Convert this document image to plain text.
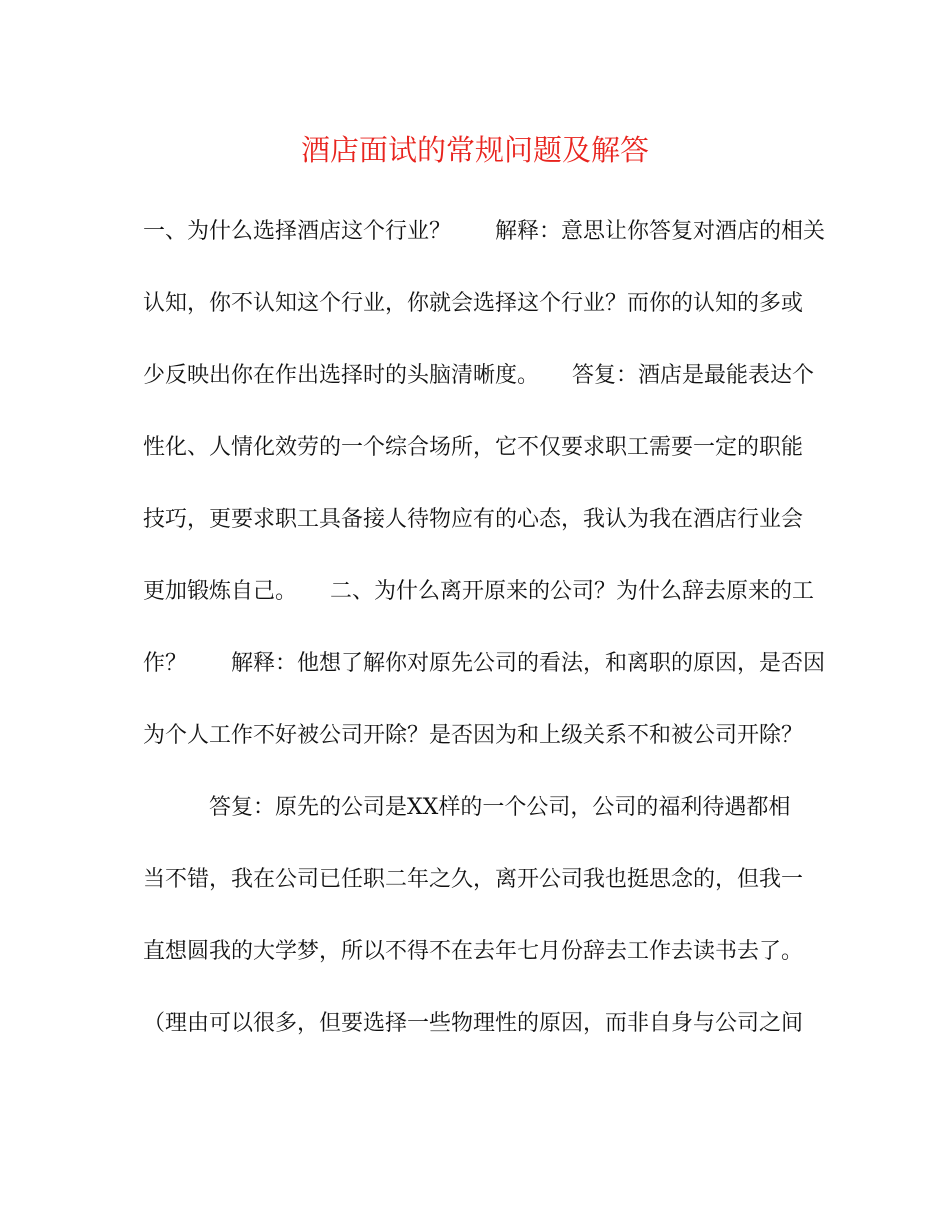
酒店面试的常规问题及解答
一、为什么选择酒店这个行业？　　解释：意思让你答复对酒店的相关
认知，你不认知这个行业，你就会选择这个行业？而你的认知的多或
少反映出你在作出选择时的头脑清晰度。　　答复：酒店是最能表达个
性化、人情化效劳的一个综合场所，它不仅要求职工需要一定的职能
技巧，更要求职工具备接人待物应有的心态，我认为我在酒店行业会
更加锻炼自己。　　二、为什么离开原来的公司？为什么辞去原来的工
作？　　解释：他想了解你对原先公司的看法，和离职的原因，是否因
为个人工作不好被公司开除？是否因为和上级关系不和被公司开除？
　　　答复：原先的公司是XX样的一个公司，公司的福利待遇都相
当不错，我在公司已任职二年之久，离开公司我也挺思念的，但我一
直想圆我的大学梦，所以不得不在去年七月份辞去工作去读书去了。
（理由可以很多，但要选择一些物理性的原因，而非自身与公司之间
